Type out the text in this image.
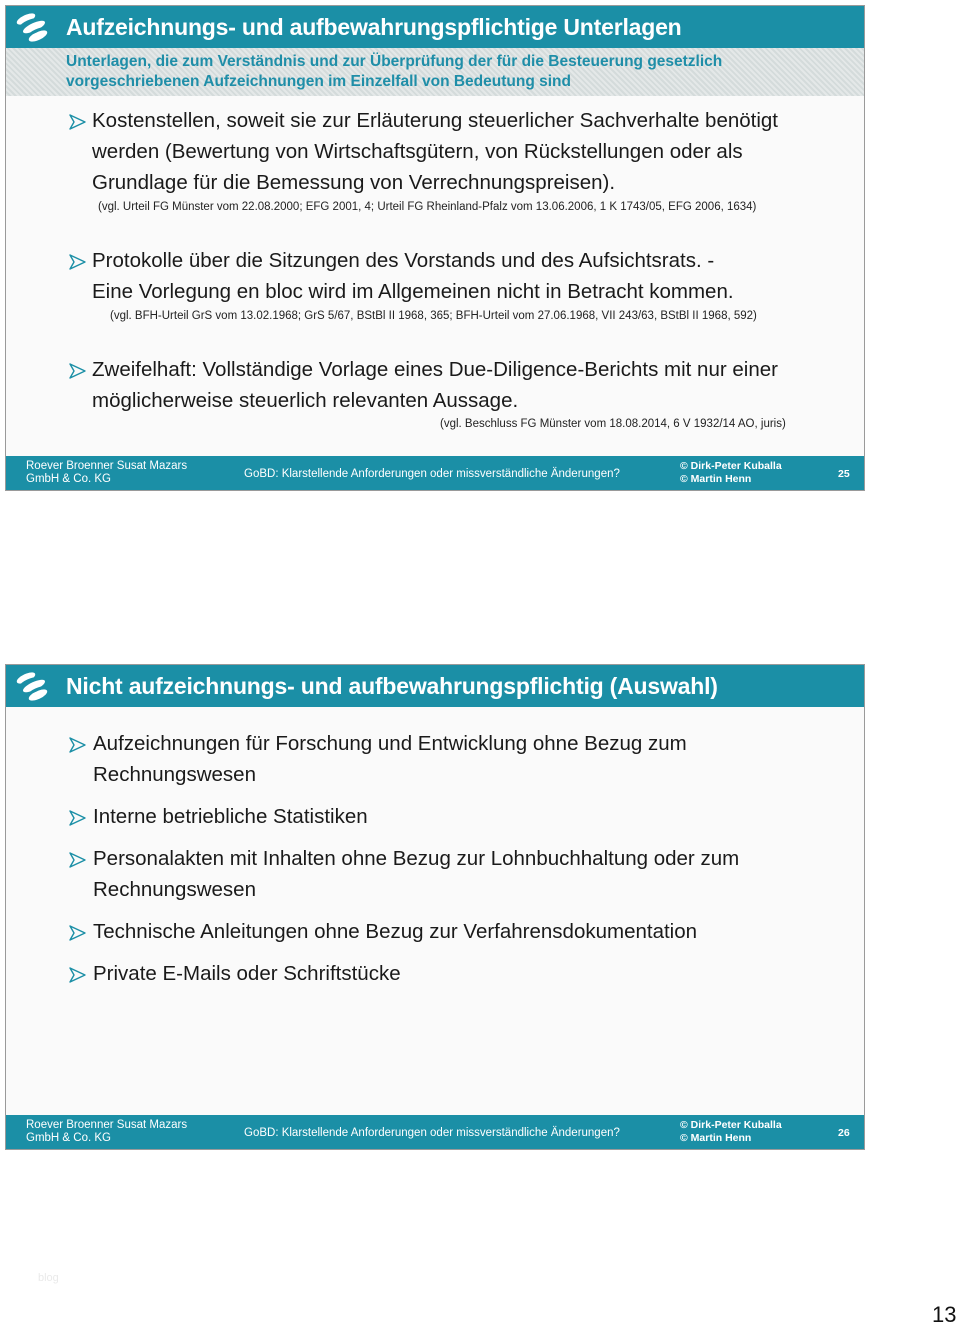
Aufzeichnungs- und aufbewahrungspflichtige Unterlagen
Unterlagen, die zum Verständnis und zur Überprüfung der für die Besteuerung gesetzlich
vorgeschriebenen Aufzeichnungen im Einzelfall von Bedeutung sind
Kostenstellen, soweit sie zur Erläuterung steuerlicher Sachverhalte benötigt
werden (Bewertung von Wirtschaftsgütern, von Rückstellungen oder als
Grundlage für die Bemessung von Verrechnungspreisen).
(vgl. Urteil FG Münster vom 22.08.2000; EFG 2001, 4; Urteil FG Rheinland-Pfalz vom 13.06.2006, 1 K 1743/05, EFG 2006, 1634)
Protokolle über die Sitzungen des Vorstands und des Aufsichtsrats. -
Eine Vorlegung en bloc wird im Allgemeinen nicht in Betracht kommen.
(vgl. BFH-Urteil GrS vom 13.02.1968; GrS 5/67, BStBl II 1968, 365; BFH-Urteil vom 27.06.1968, VII 243/63, BStBl II 1968, 592)
Zweifelhaft: Vollständige Vorlage eines Due-Diligence-Berichts mit nur einer
möglicherweise steuerlich relevanten Aussage.
(vgl. Beschluss FG Münster vom 18.08.2014, 6 V 1932/14 AO, juris)
Roever Broenner Susat Mazars
GmbH & Co. KG	GoBD: Klarstellende Anforderungen oder missverständliche Änderungen?
© Dirk-Peter Kuballa
© Martin Henn	25
Nicht aufzeichnungs- und aufbewahrungspflichtig (Auswahl)
Aufzeichnungen für Forschung und Entwicklung ohne Bezug zum
Rechnungswesen
Interne betriebliche Statistiken
Personalakten mit Inhalten ohne Bezug zur Lohnbuchhaltung oder zum
Rechnungswesen
Technische Anleitungen ohne Bezug zur Verfahrensdokumentation
Private E-Mails oder Schriftstücke
Roever Broenner Susat Mazars
GmbH & Co. KG	GoBD: Klarstellende Anforderungen oder missverständliche Änderungen?
© Dirk-Peter Kuballa
© Martin Henn	26
blog
13
